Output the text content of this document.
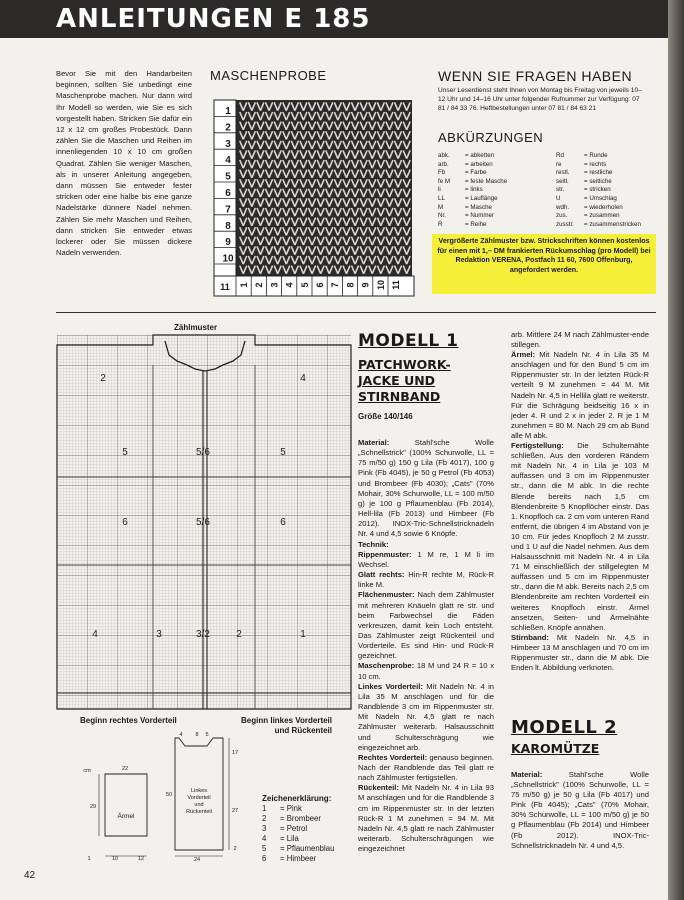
ANLEITUNGEN E 185
Bevor Sie mit den Handarbeiten beginnen, sollten Sie unbedingt eine Maschenprobe machen. Nur dann wird Ihr Modell so werden, wie Sie es sich vorgestellt haben. Stricken Sie dafür ein 12 x 12 cm großes Probestück. Dann zählen Sie die Maschen und Reihen im innenliegenden 10 x 10 cm großen Quadrat. Zählen Sie weniger Maschen, als in unserer Anleitung angegeben, dann müssen Sie entweder fester stricken oder eine halbe bis eine ganze Nadelstärke dünnere Nadel nehmen. Zählen Sie mehr Maschen und Reihen, dann stricken Sie entweder etwas lockerer oder Sie müssen dickere Nadeln verwenden.
MASCHENPROBE
1
1
2
2
3
3
4
4
5
5
6
6
7
7
8
8
9
9
10
10 11
11
WENN SIE FRAGEN HABEN
Unser Leserdienst steht Ihnen von Montag bis Freitag von jeweils 10–12 Uhr und 14–16 Uhr unter folgender Rufnummer zur Verfügung: 07 81 / 84 33 76. Heftbestellungen unter 07 81 / 84 63 21
ABKÜRZUNGEN
abk.	= abketten	Rd	= Runde
arb.	= arbeiten	re	= rechts
Fb	= Farbe	restl.	= restliche
fe M	= feste Masche	seitl.	= seitliche
li	= links	str.	= stricken
LL	= Lauflänge	U	= Umschlag
M	= Masche	wdh.	= wiederholen
Nr.	= Nummer	zus.	= zusammen
R	= Reihe	zusstr.	= zusammenstricken
Vergrößerte Zählmuster bzw. Strickschriften können kostenlos für einen mit 1,– DM frankierten Rückumschlag (pro Modell) bei Redaktion VERENA, Postfach 11 60, 7600 Offenburg, angefordert werden.
Zählmuster
2	4
5	5/6	5
6	5/6	6
4	3	3/2	2	1
Beginn rechtes Vorderteil	Beginn linkes Vorderteil
und Rückenteil
Ärmel
Linkes
Vorderteil
und
Rückenteil
22
29
10	12
1	24
50
27
17
2
4 8 5
cm
Zeichenerklärung:
1 = Pink
2 = Brombeer
3 = Petrol
4 = Lila
5 = Pflaumenblau
6 = Himbeer
42
MODELL 1
PATCHWORK-JACKE UND STIRNBAND
Größe 140/146
Material: Stahl'sche Wolle „Schnellstrick" (100% Schurwolle, LL = 75 m/50 g) 150 g Lila (Fb 4017), 100 g Pink (Fb 4045), je 50 g Petrol (Fb 4053) und Brombeer (Fb 4030); „Cats" (70% Mohair, 30% Schurwolle, LL = 100 m/50 g) je 100 g Pflaumenblau (Fb 2014), Hell-lila (Fb 2013) und Himbeer (Fb 2012). INOX-Tric-Schnellstricknadeln Nr. 4 und 4,5 sowie 6 Knöpfe.
Technik:
Rippenmuster: 1 M re, 1 M li im Wechsel.
Glatt rechts: Hin-R rechte M, Rück-R linke M.
Flächenmuster: Nach dem Zählmuster mit mehreren Knäueln glatt re str. und beim Farbwechsel die Fäden verkreuzen, damit kein Loch entsteht. Das Zählmuster zeigt Rückenteil und Vorderteile. Es sind Hin- und Rück-R gezeichnet.
Maschenprobe: 18 M und 24 R = 10 x 10 cm.
Linkes Vorderteil: Mit Nadeln Nr. 4 in Lila 35 M anschlagen und für die Randblende 3 cm im Rippenmuster str. Mit Nadeln Nr. 4,5 glatt re nach Zählmuster weiterarb. Halsausschnitt und Schulterschrägung wie eingezeichnet arb.
Rechtes Vorderteil: genauso beginnen. Nach der Randblende das Teil glatt re nach Zählmuster fertigstellen.
Rückenteil: Mit Nadeln Nr. 4 in Lila 93 M anschlagen und für die Randblende 3 cm im Rippenmuster str. In der letzten Rück-R 1 M zunehmen = 94 M. Mit Nadeln Nr. 4,5 glatt re nach Zählmuster weiterarb. Schulterschrägungen wie eingezeichnet
arb. Mittlere 24 M nach Zählmuster-ende stillegen.
Ärmel: Mit Nadeln Nr. 4 in Lila 35 M anschlagen und für den Bund 5 cm im Rippenmuster str. In der letzten Rück-R verteilt 9 M zunehmen = 44 M. Mit Nadeln Nr. 4,5 in Hellila glatt re weiterstr. Für die Schrägung beidseitig 16 x in jeder 4. R und 2 x in jeder 2. R je 1 M zunehmen = 80 M. Nach 29 cm ab Bund alle M abk.
Fertigstellung: Die Schulternähte schließen. Aus den vorderen Rändern mit Nadeln Nr. 4 in Lila je 103 M auffassen und 3 cm im Rippenmuster str., dann die M abk. In die rechte Blende bereits nach 1,5 cm Blendenbreite 5 Knopflöcher einstr. Das 1. Knopfloch ca. 2 cm vom unteren Rand entfernt, die übrigen 4 im Abstand von je 10 cm. Für jedes Knopfloch 2 M zusstr. und 1 U auf die Nadel nehmen. Aus dem Halsausschnitt mit Nadeln Nr. 4 in Lila 71 M einschließlich der stillgelegten M auffassen und 5 cm im Rippenmuster str., dann die M abk. Bereits nach 2,5 cm Blendenbreite am rechten Vorderteil ein weiteres Knopfloch einstr. Ärmel ansetzen, Seiten- und Ärmelnähte schließen. Knöpfe annähen.
Stirnband: Mit Nadeln Nr. 4,5 in Himbeer 13 M anschlagen und 70 cm im Rippenmuster str., dann die M abk. Die Enden lt. Abbildung verknoten.
MODELL 2
KAROMÜTZE
Material: Stahl'sche Wolle „Schnellstrick" (100% Schurwolle, LL = 75 m/50 g) je 50 g Lila (Fb 4017) und Pink (Fb 4045); „Cats" (70% Mohair, 30% Schurwolle, LL = 100 m/50 g) je 50 g Pflaumenblau (Fb 2014) und Himbeer (Fb 2012). INOX-Tric-Schnellstricknadeln Nr. 4 und 4,5.
